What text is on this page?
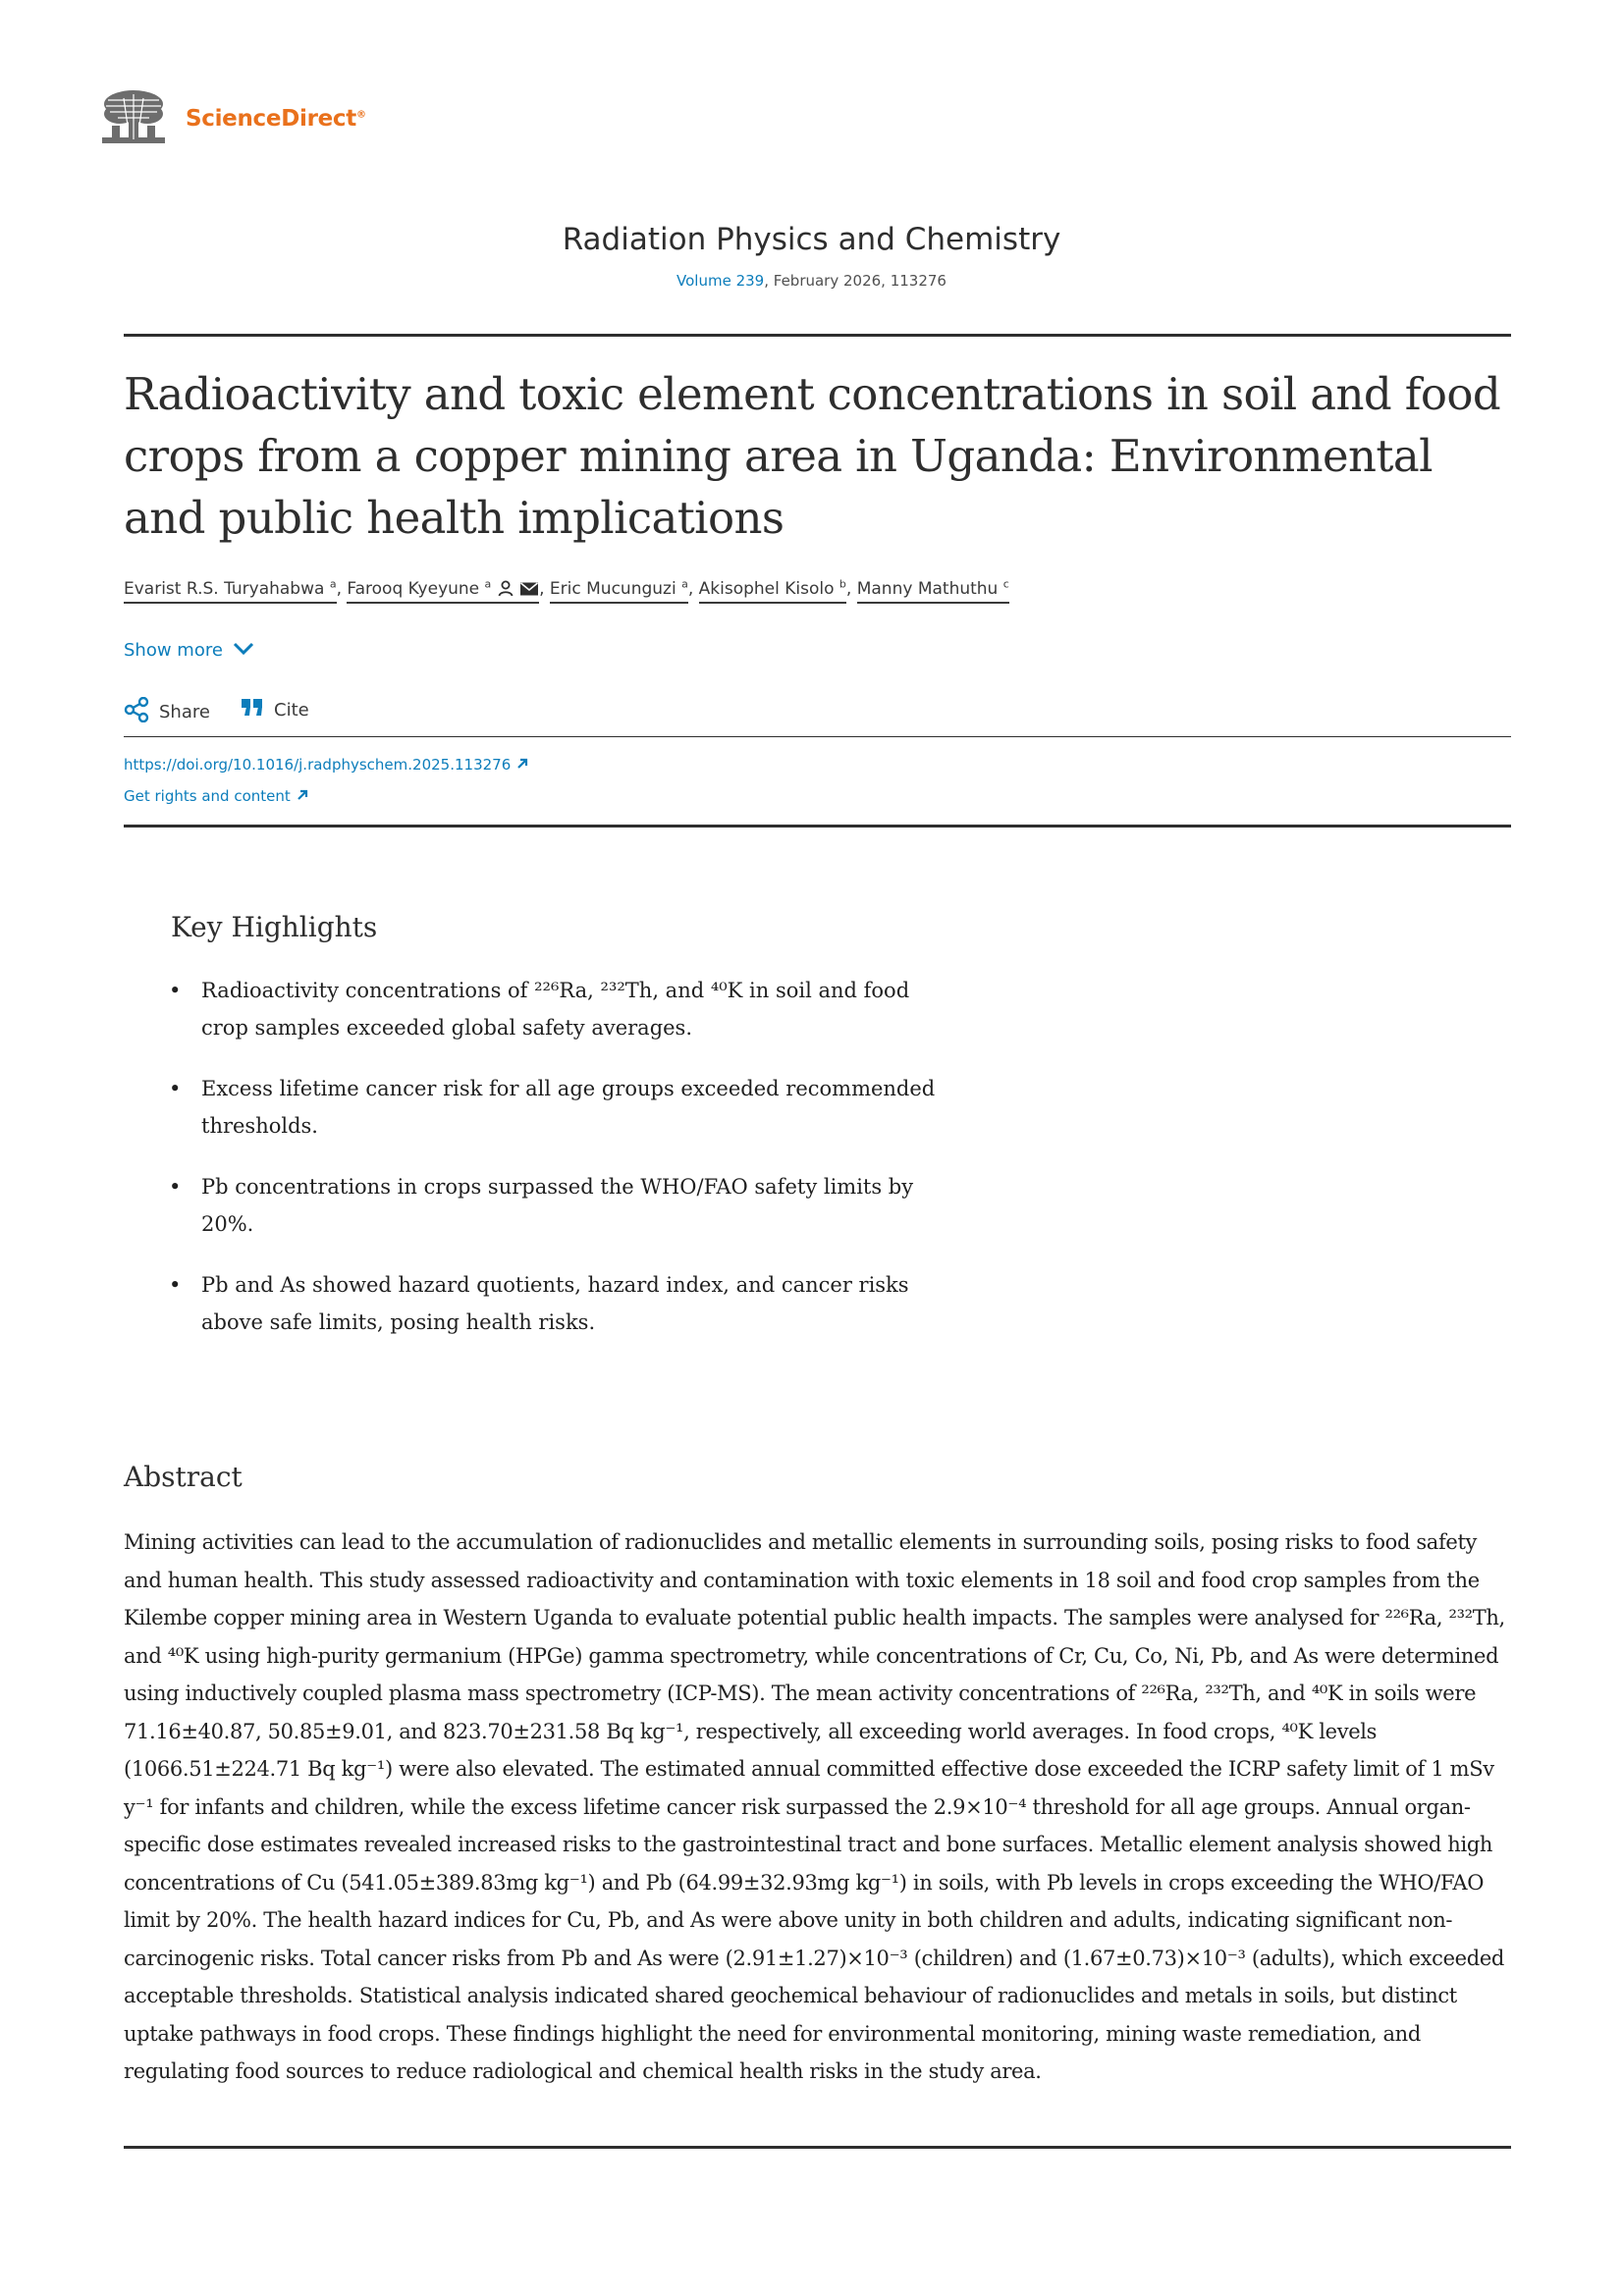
ScienceDirect®
Radiation Physics and Chemistry
Volume 239, February 2026, 113276
Radioactivity and toxic element concentrations in soil and food crops from a copper mining area in Uganda: Environmental and public health implications
Evarist R.S. Turyahabwa $^a$, Farooq Kyeyune $^a$	, Eric Mucunguzi $^a$, Akisophel Kisolo $^b$, Manny Mathuthu $^c$
Show more
Share	Cite
https://doi.org/10.1016/j.radphyschem.2025.113276
Get rights and content
Key Highlights
• Radioactivity concentrations of ²²⁶Ra, ²³²Th, and ⁴⁰K in soil and food crop samples exceeded global safety averages.
• Excess lifetime cancer risk for all age groups exceeded recommended thresholds.
• Pb concentrations in crops surpassed the WHO/FAO safety limits by 20%.
• Pb and As showed hazard quotients, hazard index, and cancer risks above safe limits, posing health risks.
Abstract

Mining activities can lead to the accumulation of radionuclides and metallic elements in surrounding soils, posing risks to food safety and human health. This study assessed radioactivity and contamination with toxic elements in 18 soil and food crop samples from the Kilembe copper mining area in Western Uganda to evaluate potential public health impacts. The samples were analysed for ²²⁶Ra, ²³²Th, and ⁴⁰K using high-purity germanium (HPGe) gamma spectrometry, while concentrations of Cr, Cu, Co, Ni, Pb, and As were determined using inductively coupled plasma mass spectrometry (ICP-MS). The mean activity concentrations of ²²⁶Ra, ²³²Th, and ⁴⁰K in soils were 71.16±40.87, 50.85±9.01, and 823.70±231.58 Bq kg⁻¹, respectively, all exceeding world averages. In food crops, ⁴⁰K levels (1066.51±224.71 Bq kg⁻¹) were also elevated. The estimated annual committed effective dose exceeded the ICRP safety limit of 1 mSv y⁻¹ for infants and children, while the excess lifetime cancer risk surpassed the 2.9×10⁻⁴ threshold for all age groups. Annual organ-specific dose estimates revealed increased risks to the gastrointestinal tract and bone surfaces. Metallic element analysis showed high concentrations of Cu (541.05±389.83mg kg⁻¹) and Pb (64.99±32.93mg kg⁻¹) in soils, with Pb levels in crops exceeding the WHO/FAO limit by 20%. The health hazard indices for Cu, Pb, and As were above unity in both children and adults, indicating significant non-carcinogenic risks. Total cancer risks from Pb and As were (2.91±1.27)×10⁻³ (children) and (1.67±0.73)×10⁻³ (adults), which exceeded acceptable thresholds. Statistical analysis indicated shared geochemical behaviour of radionuclides and metals in soils, but distinct uptake pathways in food crops. These findings highlight the need for environmental monitoring, mining waste remediation, and regulating food sources to reduce radiological and chemical health risks in the study area.
